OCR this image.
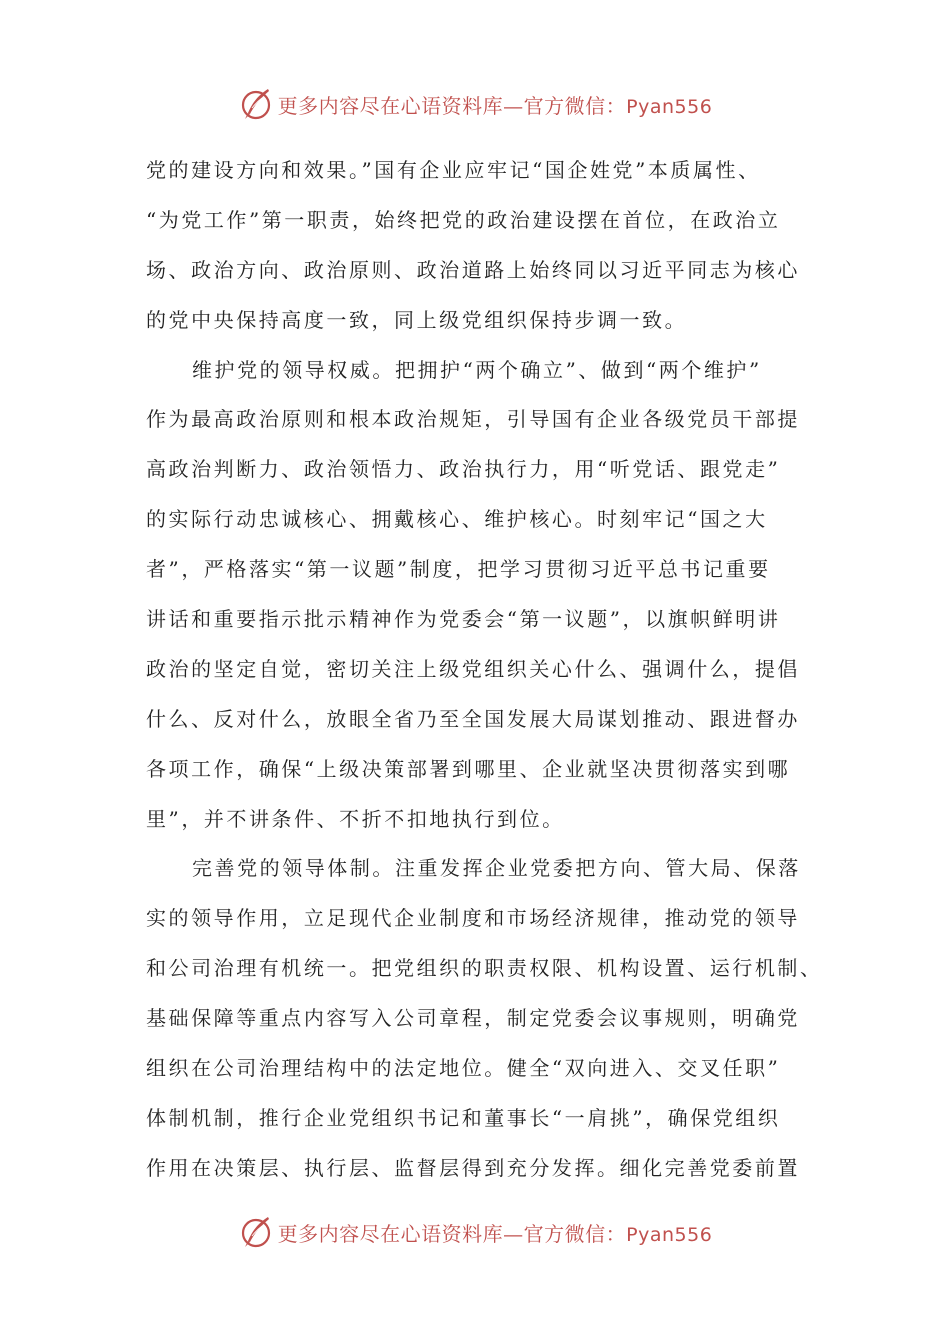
更多内容尽在心语资料库—官方微信：Pyan556
党的建设方向和效果。”国有企业应牢记“国企姓党”本质属性、
“为党工作”第一职责，始终把党的政治建设摆在首位，在政治立
场、政治方向、政治原则、政治道路上始终同以习近平同志为核心
的党中央保持高度一致，同上级党组织保持步调一致。
维护党的领导权威。把拥护“两个确立”、做到“两个维护”
作为最高政治原则和根本政治规矩，引导国有企业各级党员干部提
高政治判断力、政治领悟力、政治执行力，用“听党话、跟党走”
的实际行动忠诚核心、拥戴核心、维护核心。时刻牢记“国之大
者”，严格落实“第一议题”制度，把学习贯彻习近平总书记重要
讲话和重要指示批示精神作为党委会“第一议题”，以旗帜鲜明讲
政治的坚定自觉，密切关注上级党组织关心什么、强调什么，提倡
什么、反对什么，放眼全省乃至全国发展大局谋划推动、跟进督办
各项工作，确保“上级决策部署到哪里、企业就坚决贯彻落实到哪
里”，并不讲条件、不折不扣地执行到位。
完善党的领导体制。注重发挥企业党委把方向、管大局、保落
实的领导作用，立足现代企业制度和市场经济规律，推动党的领导
和公司治理有机统一。把党组织的职责权限、机构设置、运行机制、
基础保障等重点内容写入公司章程，制定党委会议事规则，明确党
组织在公司治理结构中的法定地位。健全“双向进入、交叉任职”
体制机制，推行企业党组织书记和董事长“一肩挑”，确保党组织
作用在决策层、执行层、监督层得到充分发挥。细化完善党委前置
更多内容尽在心语资料库—官方微信：Pyan556
